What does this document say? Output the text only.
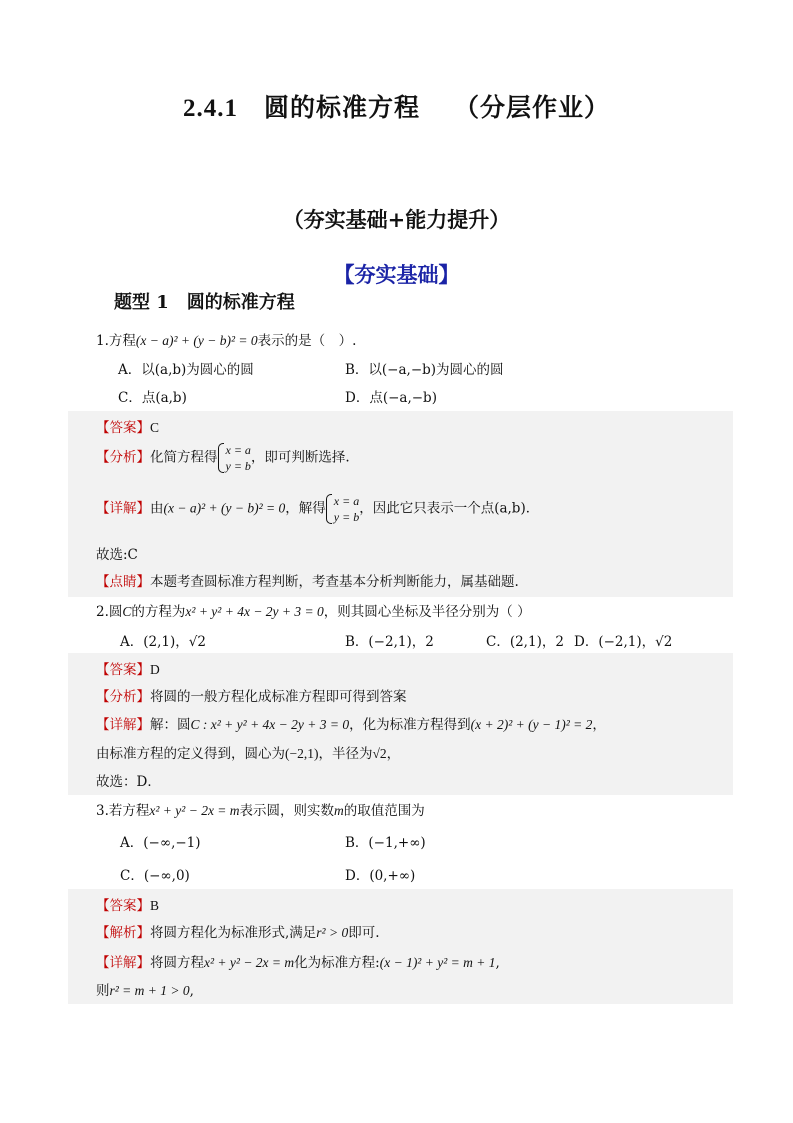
2.4.1 圆的标准方程 （分层作业）
（夯实基础+能力提升）
【夯实基础】
题型 1　圆的标准方程
1.方程(x − a)² + (y − b)² = 0表示的是（　）.
A．以(a,b)为圆心的圆	B．以(−a,−b)为圆心的圆
C．点(a,b)	D．点(−a,−b)
【答案】C
【分析】化简方程得 x = a
y = b
，即可判断选择.
【详解】由(x − a)² + (y − b)² = 0，解得 x = a
y = b
，因此它只表示一个点(a,b)．
故选:C
【点睛】本题考查圆标准方程判断，考查基本分析判断能力，属基础题.
2.圆C的方程为x² + y² + 4x − 2y + 3 = 0，则其圆心坐标及半径分别为（ ）
A．(2,1)，√2	B．(−2,1)，2	C．(2,1)，2 D．(−2,1)，√2
【答案】D
【分析】将圆的一般方程化成标准方程即可得到答案
【详解】解：圆C : x² + y² + 4x − 2y + 3 = 0，化为标准方程得到(x + 2)² + (y − 1)² = 2，
由标准方程的定义得到，圆心为(−2,1)，半径为√2，
故选：D．
3.若方程x² + y² − 2x = m表示圆，则实数m的取值范围为
A．(−∞,−1)	B．(−1,+∞)
C．(−∞,0)	D．(0,+∞)
【答案】B
【解析】将圆方程化为标准形式,满足r² > 0即可.
【详解】将圆方程x² + y² − 2x = m化为标准方程:(x − 1)² + y² = m + 1,
则r² = m + 1 > 0,
